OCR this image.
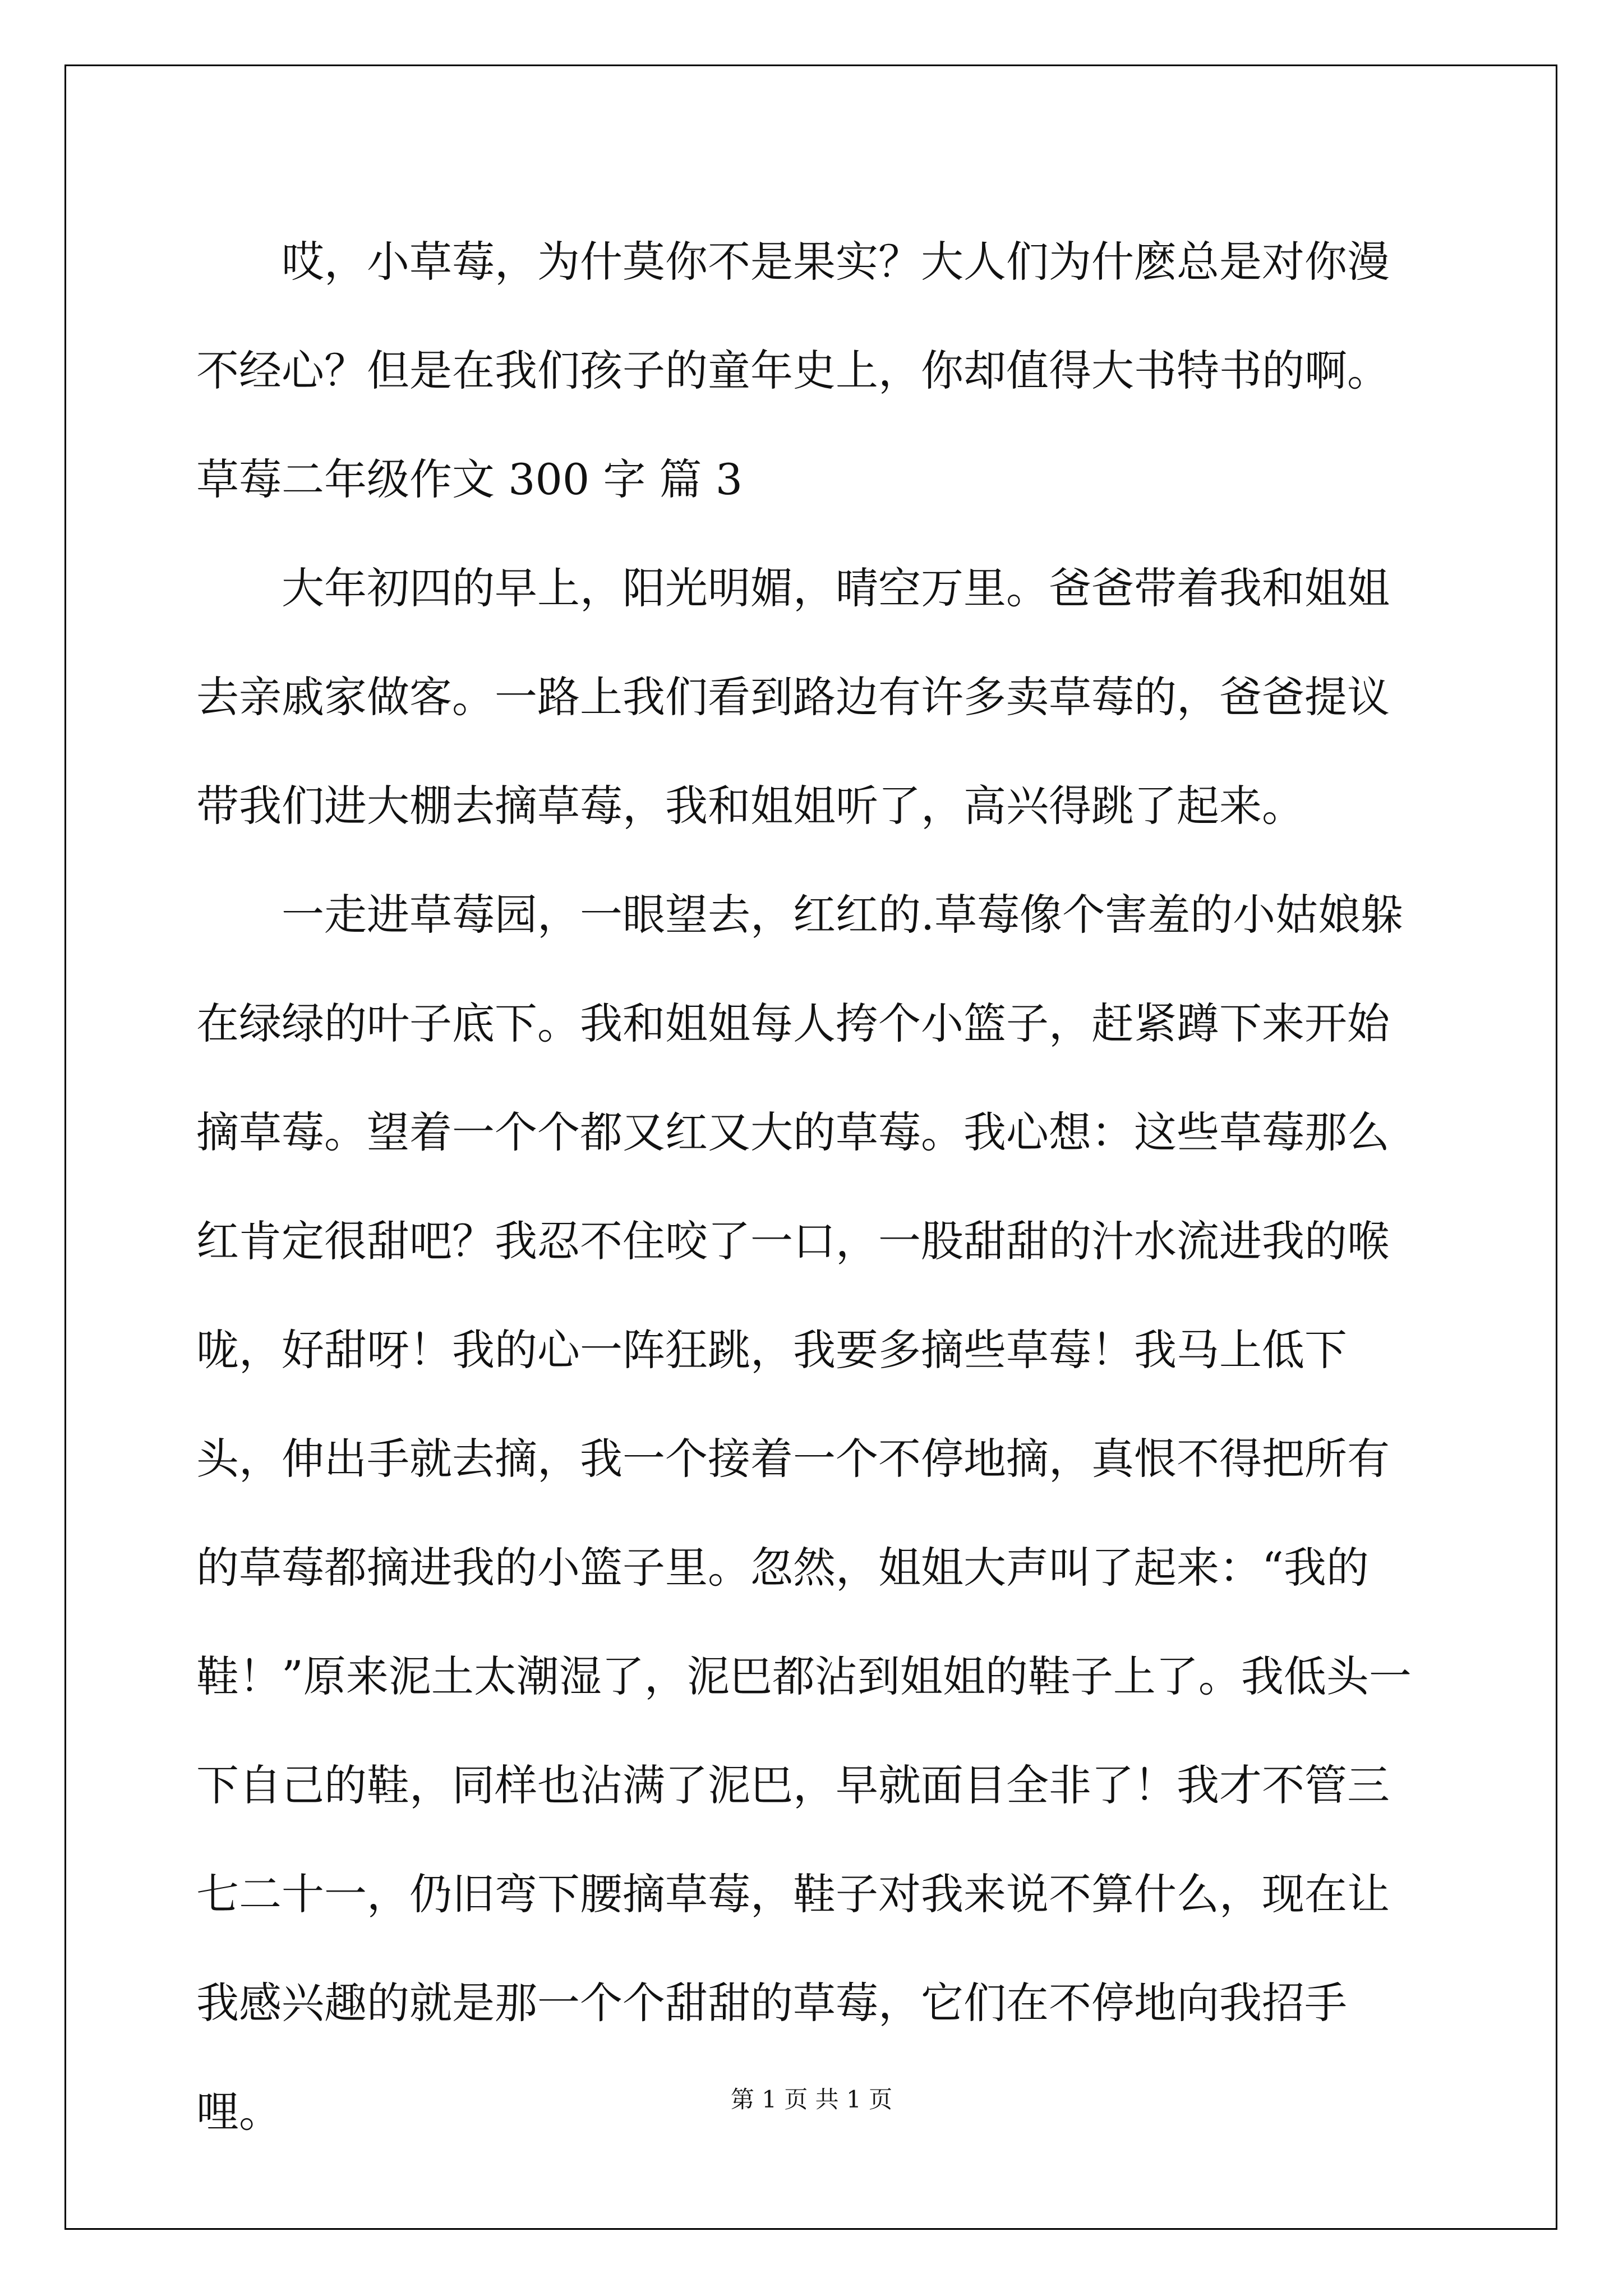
哎，小草莓，为什莫你不是果实？大人们为什麽总是对你漫不经心？但是在我们孩子的童年史上，你却值得大书特书的啊。

草莓二年级作文 300 字 篇 3

大年初四的早上，阳光明媚，晴空万里。爸爸带着我和姐姐去亲戚家做客。一路上我们看到路边有许多卖草莓的，爸爸提议带我们进大棚去摘草莓，我和姐姐听了，高兴得跳了起来。

一走进草莓园，一眼望去，红红的.草莓像个害羞的小姑娘躲在绿绿的叶子底下。我和姐姐每人挎个小篮子，赶紧蹲下来开始摘草莓。望着一个个都又红又大的草莓。我心想：这些草莓那么红肯定很甜吧？我忍不住咬了一口，一股甜甜的汁水流进我的喉咙，好甜呀！我的心一阵狂跳，我要多摘些草莓！我马上低下头，伸出手就去摘，我一个接着一个不停地摘，真恨不得把所有的草莓都摘进我的小篮子里。忽然，姐姐大声叫了起来：“我的鞋！”原来泥土太潮湿了，泥巴都沾到姐姐的鞋子上了。我低头一下自己的鞋，同样也沾满了泥巴，早就面目全非了！我才不管三七二十一，仍旧弯下腰摘草莓，鞋子对我来说不算什么，现在让我感兴趣的就是那一个个甜甜的草莓，它们在不停地向我招手哩。	第 1 页 共 1 页
